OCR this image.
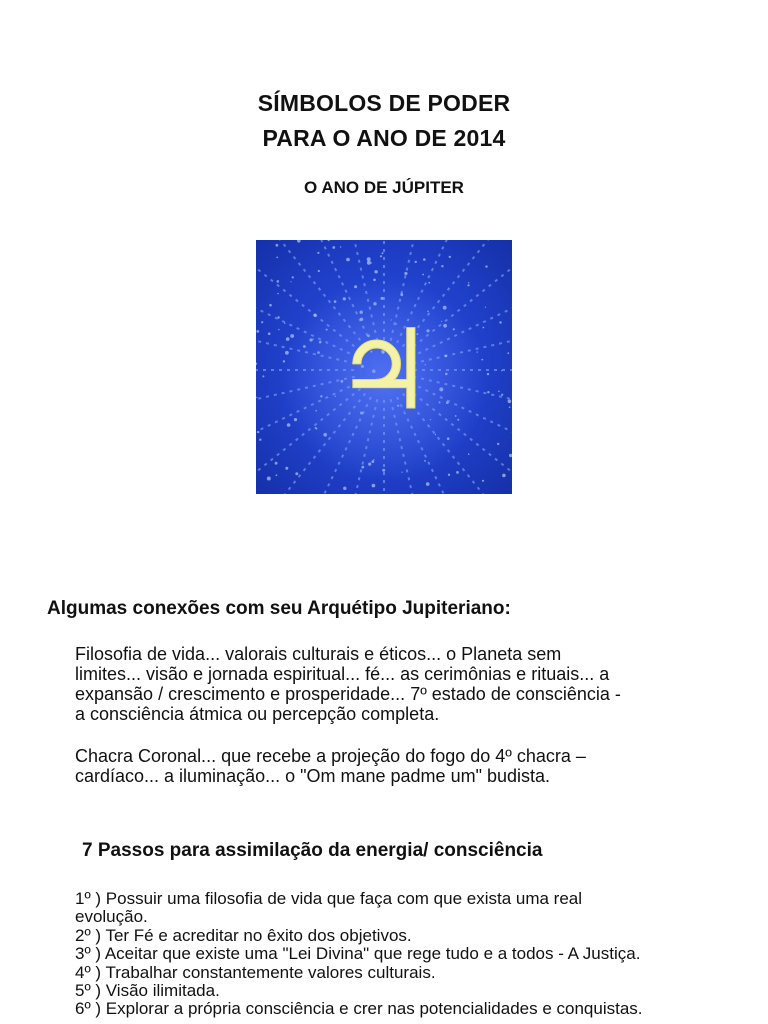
SÍMBOLOS DE PODER
PARA O ANO DE 2014
O ANO DE JÚPITER
♃
Algumas conexões com seu Arquétipo Jupiteriano:
Filosofia de vida... valorais culturais e éticos... o Planeta sem
limites... visão e jornada espiritual... fé... as cerimônias e rituais... a
expansão / crescimento e prosperidade... 7º estado de consciência -
a consciência átmica ou percepção completa.
Chacra Coronal... que recebe a projeção do fogo do 4º chacra –
cardíaco... a iluminação... o "Om mane padme um" budista.
7 Passos para assimilação da energia/ consciência
1º ) Possuir uma filosofia de vida que faça com que exista uma real
evolução.
2º ) Ter Fé e acreditar no êxito dos objetivos.
3º ) Aceitar que existe uma "Lei Divina" que rege tudo e a todos - A Justiça.
4º ) Trabalhar constantemente valores culturais.
5º ) Visão ilimitada.
6º ) Explorar a própria consciência e crer nas potencialidades e conquistas.
